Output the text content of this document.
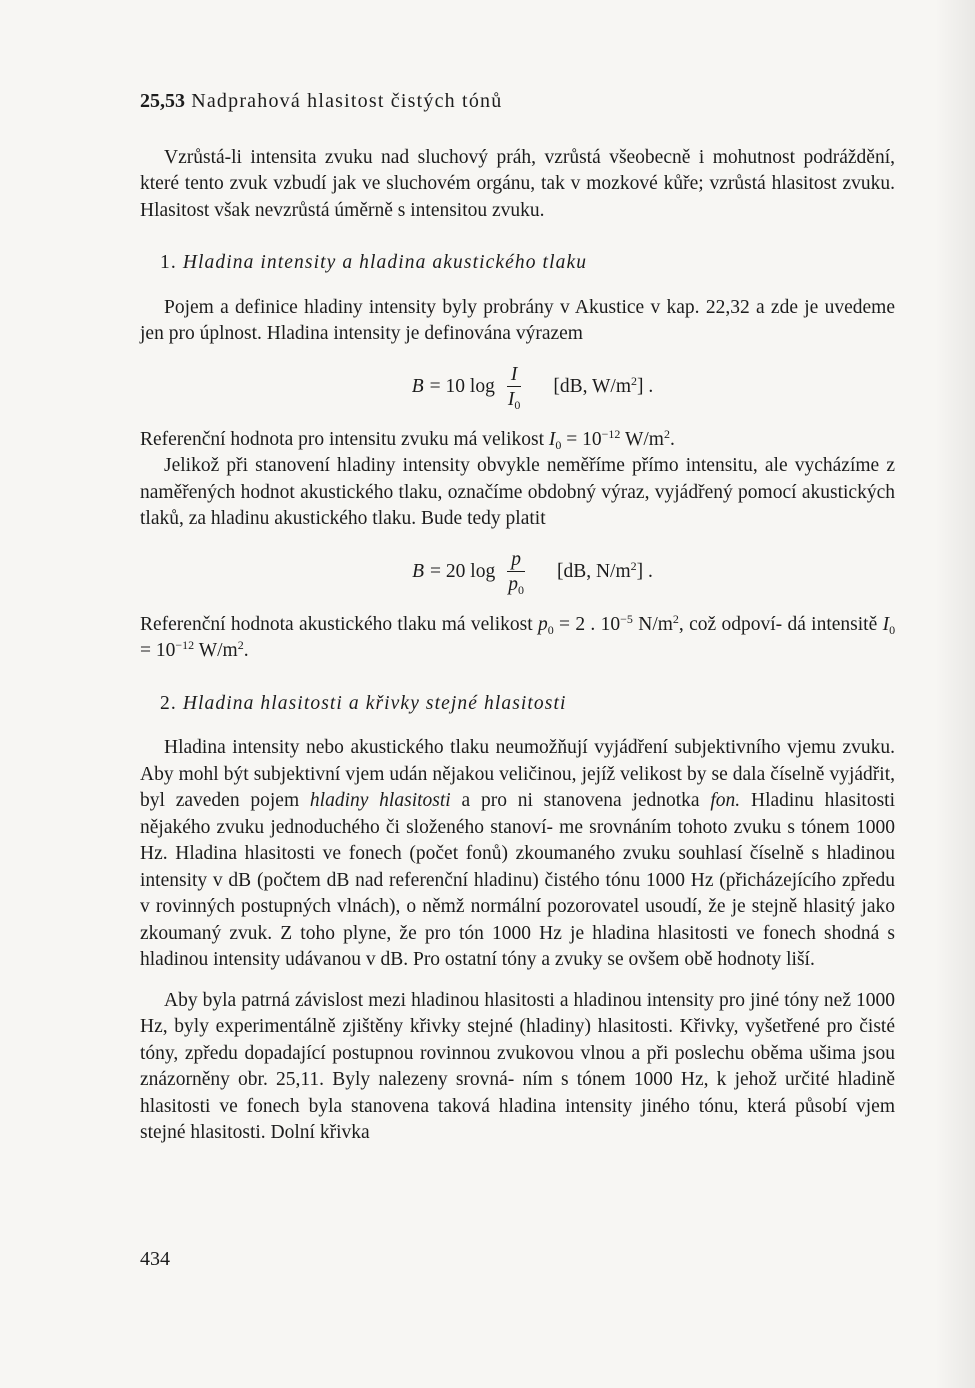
25,53 Nadprahová hlasitost čistých tónů

Vzrůstá-li intensita zvuku nad sluchový práh, vzrůstá všeobecně i mohutnost podráždění, které tento zvuk vzbudí jak ve sluchovém orgánu, tak v mozkové kůře; vzrůstá hlasitost zvuku. Hlasitost však nevzrůstá úměrně s intensitou zvuku.

1. Hladina intensity a hladina akustického tlaku

Pojem a definice hladiny intensity byly probrány v Akustice v kap. 22,32 a zde je uvedeme jen pro úplnost. Hladina intensity je definována výrazem

B = 10 $\log \frac{I}{I_0} [dB$, $W/m^2$] .

Referenční hodnota pro intensitu zvuku má velikost $I_0 = 10^{-12}$ $W/m^2$.

Jelikož při stanovení hladiny intensity obvykle neměříme přímo intensitu, ale vycházíme z naměřených hodnot akustického tlaku, označíme obdobný výraz, vyjádřený pomocí akustických tlaků, za hladinu akustického tlaku. Bude tedy platit

B = 20 $\log \frac{p}{p_0} [dB$, $N/m^2$] .

Referenční hodnota akustického tlaku má velikost $p_0 = 2$ . $10^{-5}$ $N/m^2$, což odpoví- dá intensitě $I_0 = 10^{-12}$ $W/m^2$.

2. Hladina hlasitosti a křivky stejné hlasitosti

Hladina intensity nebo akustického tlaku neumožňují vyjádření subjektivního vjemu zvuku. Aby mohl být subjektivní vjem udán nějakou veličinou, jejíž velikost by se dala číselně vyjádřit, byl zaveden pojem hladiny hlasitosti a pro ni stanovena jednotka fon. Hladinu hlasitosti nějakého zvuku jednoduchého či složeného stanoví- me srovnáním tohoto zvuku s tónem 1000 Hz. Hladina hlasitosti ve fonech (počet fonů) zkoumaného zvuku souhlasí číselně s hladinou intensity v dB (počtem dB nad referenční hladinu) čistého tónu 1000 Hz (přicházejícího zpředu v rovinných postupných vlnách), o němž normální pozorovatel usoudí, že je stejně hlasitý jako zkoumaný zvuk. Z toho plyne, že pro tón 1000 Hz je hladina hlasitosti ve fonech shodná s hladinou intensity udávanou v dB. Pro ostatní tóny a zvuky se ovšem obě hodnoty liší.

Aby byla patrná závislost mezi hladinou hlasitosti a hladinou intensity pro jiné tóny než 1000 Hz, byly experimentálně zjištěny křivky stejné (hladiny) hlasitosti. Křivky, vyšetřené pro čisté tóny, zpředu dopadající postupnou rovinnou zvukovou vlnou a při poslechu oběma ušima jsou znázorněny obr. 25,11. Byly nalezeny srovná- ním s tónem 1000 Hz, k jehož určité hladině hlasitosti ve fonech byla stanovena taková hladina intensity jiného tónu, která působí vjem stejné hlasitosti. Dolní křivka

434
